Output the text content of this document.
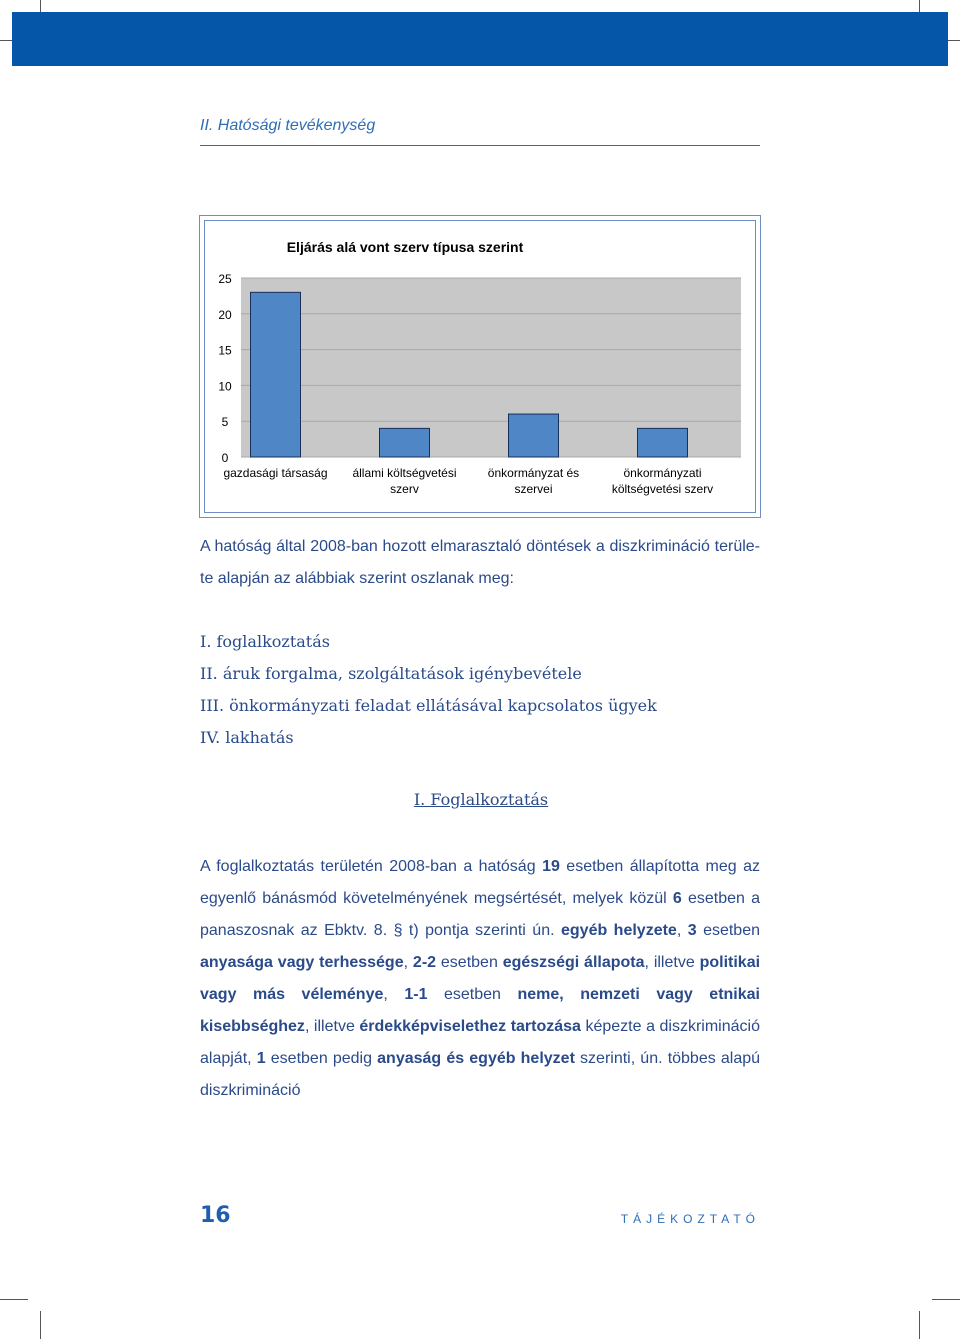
II. Hatósági tevékenység
Eljárás alá vont szerv típusa szerint
0
5
10
15
20
25
gazdasági társaság állami költségvetési
szerv
önkormányzat és
szervei
önkormányzati
költségvetési szerv
A hatóság által 2008-ban hozott elmarasztaló döntések a diszkrimináció területe alapján az alábbiak szerint oszlanak meg:
I. foglalkoztatás
II. áruk forgalma, szolgáltatások igénybevétele
III. önkormányzati feladat ellátásával kapcsolatos ügyek
IV. lakhatás
I. Foglalkoztatás
A foglalkoztatás területén 2008-ban a hatóság 19 esetben állapította meg az egyenlő bánásmód követelményének megsértését, melyek közül 6 esetben a panaszosnak az Ebktv. 8. § t) pontja szerinti ún. egyéb helyzete, 3 esetben anyasága vagy terhessége, 2-2 esetben egészségi állapota, illetve politikai vagy más véleménye, 1-1 esetben neme, nemzeti vagy etnikai kisebbséghez, illetve érdekképviselethez tartozása képezte a diszkrimináció alapját, 1 esetben pedig anyaság és egyéb helyzet szerinti, ún. többes alapú diszkrimináció
16	TÁJÉKOZTATÓ
